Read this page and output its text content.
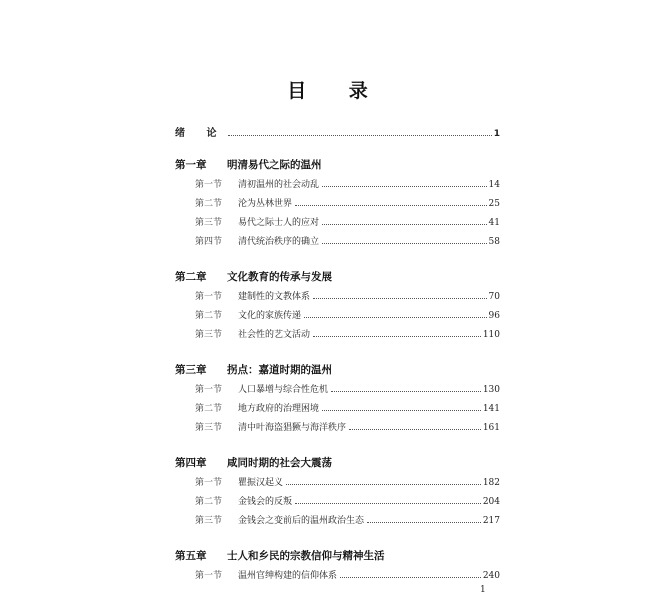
目 录
绪 论	1
第一章	明清易代之际的温州
第一节	清初温州的社会动乱	14
第二节	沦为丛林世界	25
第三节	易代之际士人的应对	41
第四节	清代统治秩序的确立	58
第二章	文化教育的传承与发展
第一节	建制性的文教体系	70
第二节	文化的家族传递	96
第三节	社会性的艺文活动	110
第三章	拐点：嘉道时期的温州
第一节	人口暴增与综合性危机	130
第二节	地方政府的治理困境	141
第三节	清中叶海盗猖獗与海洋秩序	161
第四章	咸同时期的社会大震荡
第一节	瞿振汉起义	182
第二节	金钱会的反叛	204
第三节	金钱会之变前后的温州政治生态	217
第五章	士人和乡民的宗教信仰与精神生活
第一节	温州官绅构建的信仰体系	240
1
